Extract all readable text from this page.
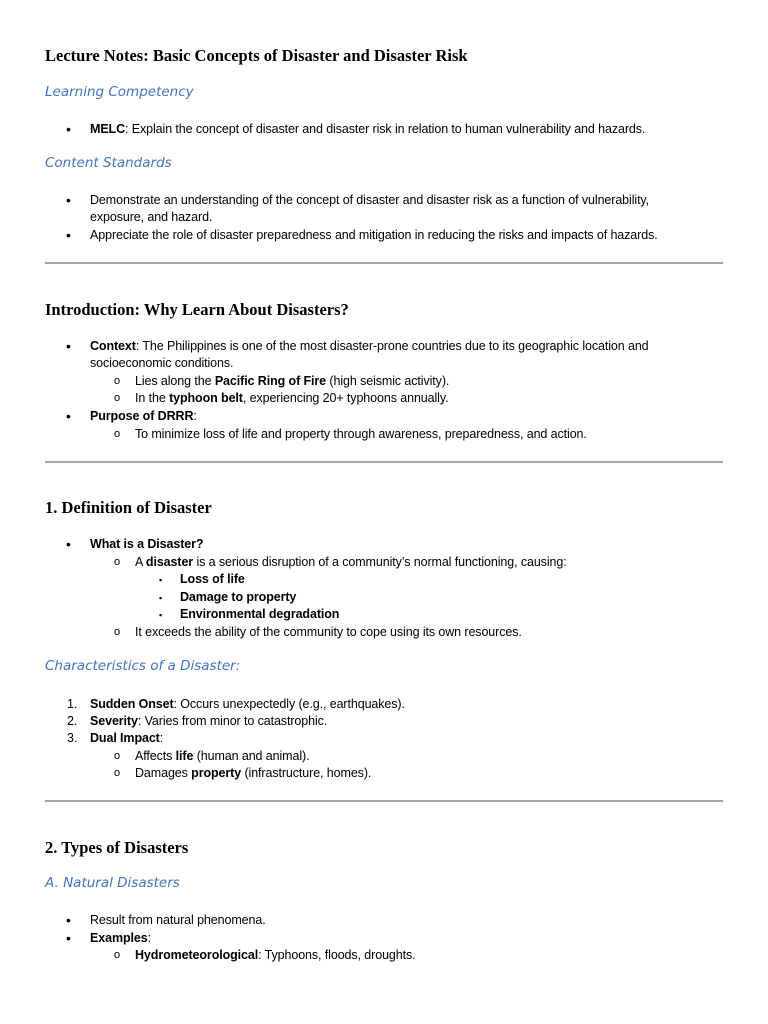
Lecture Notes: Basic Concepts of Disaster and Disaster Risk
Learning Competency
• MELC: Explain the concept of disaster and disaster risk in relation to human vulnerability and hazards.

Content Standards
• Demonstrate an understanding of the concept of disaster and disaster risk as a function of vulnerability,

exposure, and hazard.

• Appreciate the role of disaster preparedness and mitigation in reducing the risks and impacts of hazards.

Introduction: Why Learn About Disasters?
• Context: The Philippines is one of the most disaster-prone countries due to its geographic location and

socioeconomic conditions.

o Lies along the Pacific Ring of Fire (high seismic activity).

o In the typhoon belt, experiencing 20+ typhoons annually.

• Purpose of DRRR:

o To minimize loss of life and property through awareness, preparedness, and action.

1. Definition of Disaster
• What is a Disaster?

o A disaster is a serious disruption of a community’s normal functioning, causing:

▪ Loss of life

▪ Damage to property

▪ Environmental degradation

o It exceeds the ability of the community to cope using its own resources.

Characteristics of a Disaster:
1. Sudden Onset: Occurs unexpectedly (e.g., earthquakes).

2. Severity: Varies from minor to catastrophic.

3. Dual Impact:

o Affects life (human and animal).

o Damages property (infrastructure, homes).

2. Types of Disasters
A. Natural Disasters
• Result from natural phenomena.

• Examples:

o Hydrometeorological: Typhoons, floods, droughts.
